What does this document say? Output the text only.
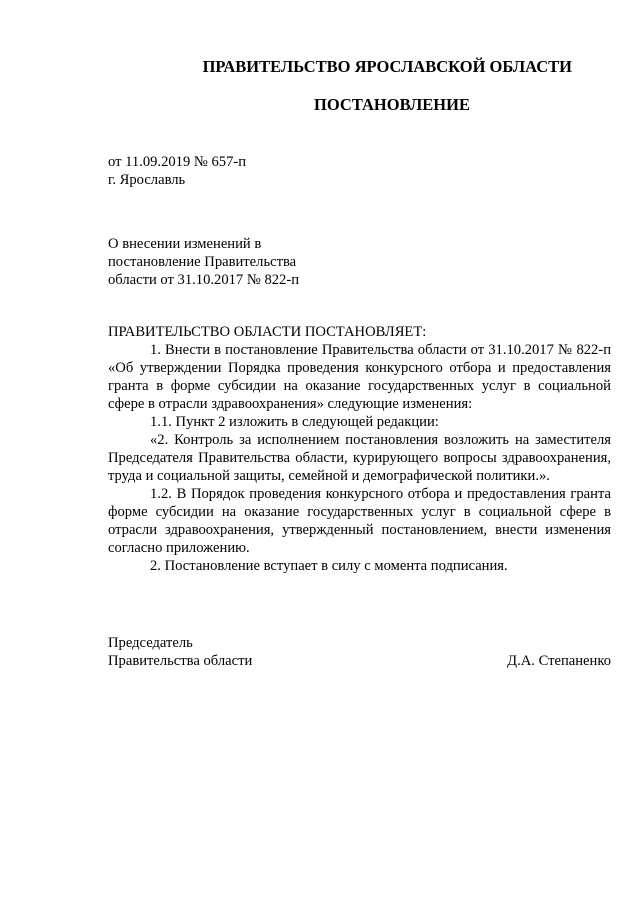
ПРАВИТЕЛЬСТВО ЯРОСЛАВСКОЙ ОБЛАСТИ
ПОСТАНОВЛЕНИЕ
от 11.09.2019 № 657-п
г. Ярославль
О внесении изменений в
постановление Правительства
области от 31.10.2017 № 822-п

ПРАВИТЕЛЬСТВО ОБЛАСТИ ПОСТАНОВЛЯЕТ:

1. Внести в постановление Правительства области от 31.10.2017 № 822-п «Об утверждении Порядка проведения конкурсного отбора и предоставления гранта в форме субсидии на оказание государственных услуг в социальной сфере в отрасли здравоохранения» следующие изменения:

1.1. Пункт 2 изложить в следующей редакции:

«2. Контроль за исполнением постановления возложить на заместителя Председателя Правительства области, курирующего вопросы здравоохранения, труда и социальной защиты, семейной и демографической политики.».

1.2. В Порядок проведения конкурсного отбора и предоставления гранта форме субсидии на оказание государственных услуг в социальной сфере в отрасли здравоохранения, утвержденный постановлением, внести изменения согласно приложению.

2. Постановление вступает в силу с момента подписания.

Председатель
Правительства области	Д.А. Степаненко
